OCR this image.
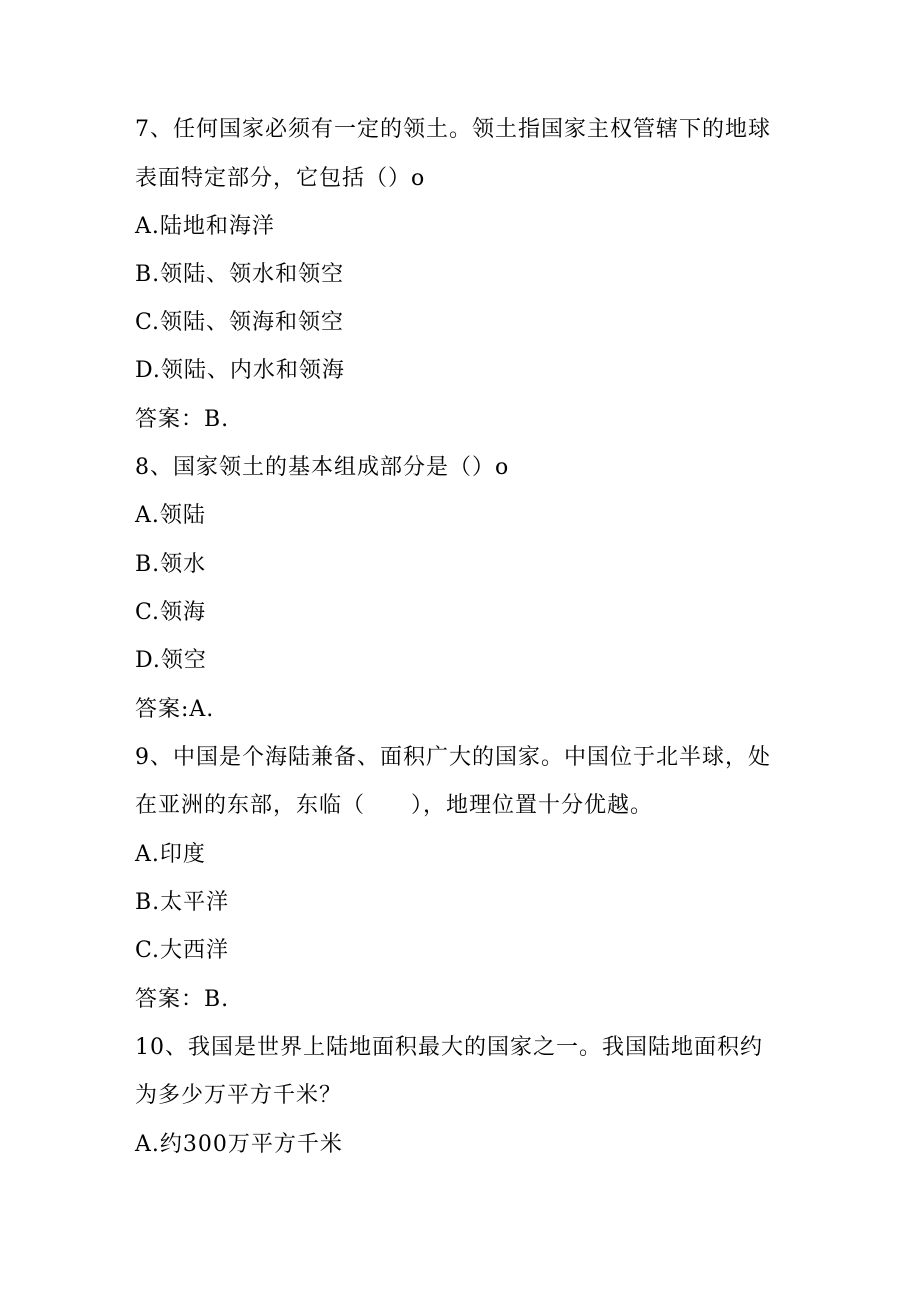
7、任何国家必须有一定的领土。领土指国家主权管辖下的地球
表面特定部分，它包括（）o
A.陆地和海洋
B.领陆、领水和领空
C.领陆、领海和领空
D.领陆、内水和领海
答案：B.
8、国家领土的基本组成部分是（）o
A.领陆
B.领水
C.领海
D.领空
答案:A.
9、中国是个海陆兼备、面积广大的国家。中国位于北半球，处
在亚洲的东部，东临（　　），地理位置十分优越。
A.印度
B.太平洋
C.大西洋
答案：B.
10、我国是世界上陆地面积最大的国家之一。我国陆地面积约
为多少万平方千米？
A.约300万平方千米
